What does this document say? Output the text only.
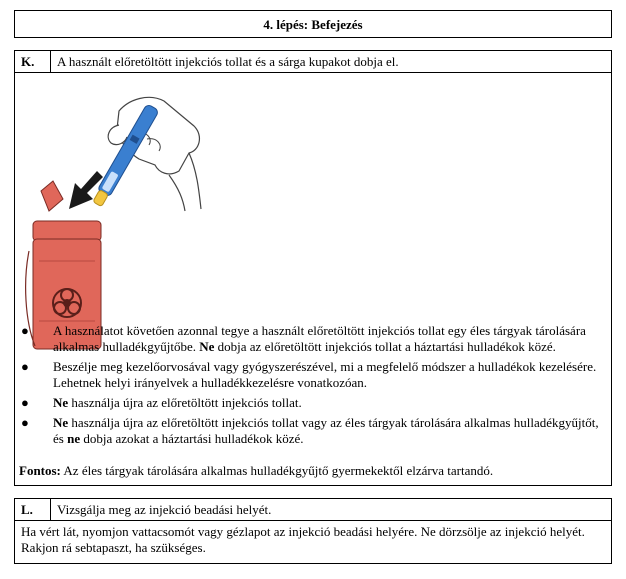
4. lépés: Befejezés
K.	A használt előretöltött injekciós tollat és a sárga kupakot dobja el.
● A használatot követően azonnal tegye a használt előretöltött injekciós tollat egy éles tárgyak tárolására alkalmas hulladékgyűjtőbe. Ne dobja az előretöltött injekciós tollat a háztartási hulladékok közé.
● Beszélje meg kezelőorvosával vagy gyógyszerészével, mi a megfelelő módszer a hulladékok kezelésére. Lehetnek helyi irányelvek a hulladékkezelésre vonatkozóan.
● Ne használja újra az előretöltött injekciós tollat.
● Ne használja újra az előretöltött injekciós tollat vagy az éles tárgyak tárolására alkalmas hulladékgyűjtőt, és ne dobja azokat a háztartási hulladékok közé.
Fontos: Az éles tárgyak tárolására alkalmas hulladékgyűjtő gyermekektől elzárva tartandó.
L.	Vizsgálja meg az injekció beadási helyét.
Ha vért lát, nyomjon vattacsomót vagy gézlapot az injekció beadási helyére. Ne dörzsölje az injekció helyét. Rakjon rá sebtapaszt, ha szükséges.
